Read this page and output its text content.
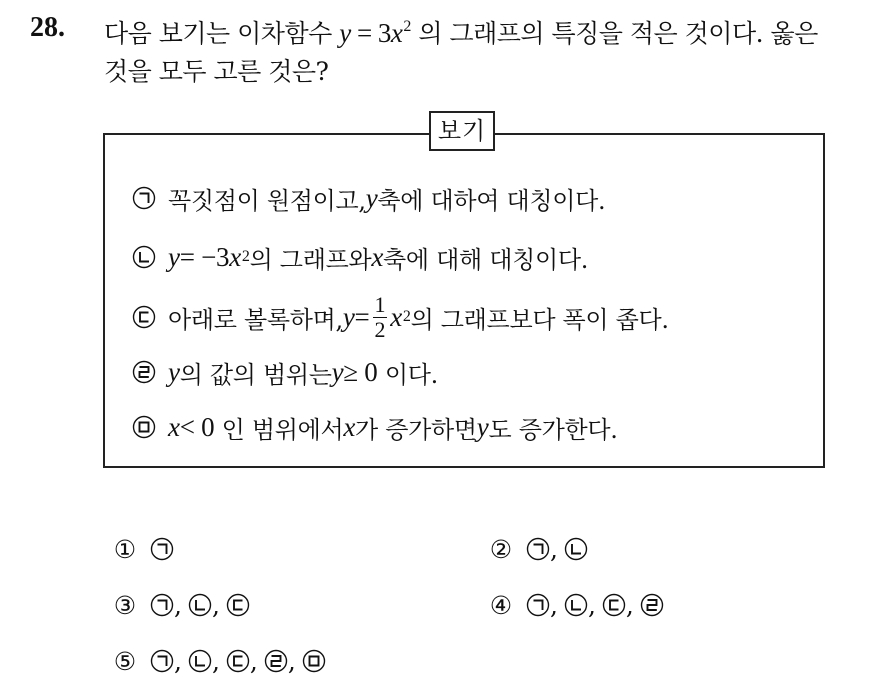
28. 다음 보기는 이차함수 $y = 3x^2$ 의 그래프의 특징을 적은 것이다. 옳은
것을 모두 고른 것은?
보기
꼭짓점이 원점이고, y 축에 대하여 대칭이다.
y = −3 x 2 의 그래프와 x 축에 대해 대칭이다.
아래로 볼록하며, $y = \frac{1}{2}$ x 2 의 그래프보다 폭이 좁다.
y 의 값의 범위는 y ≥ 0
이다.
x < 0
인 범위에서 x 가 증가하면 y 도 증가한다.
①	② ,
③ , ,	④ , , ,
⑤ , , , ,
